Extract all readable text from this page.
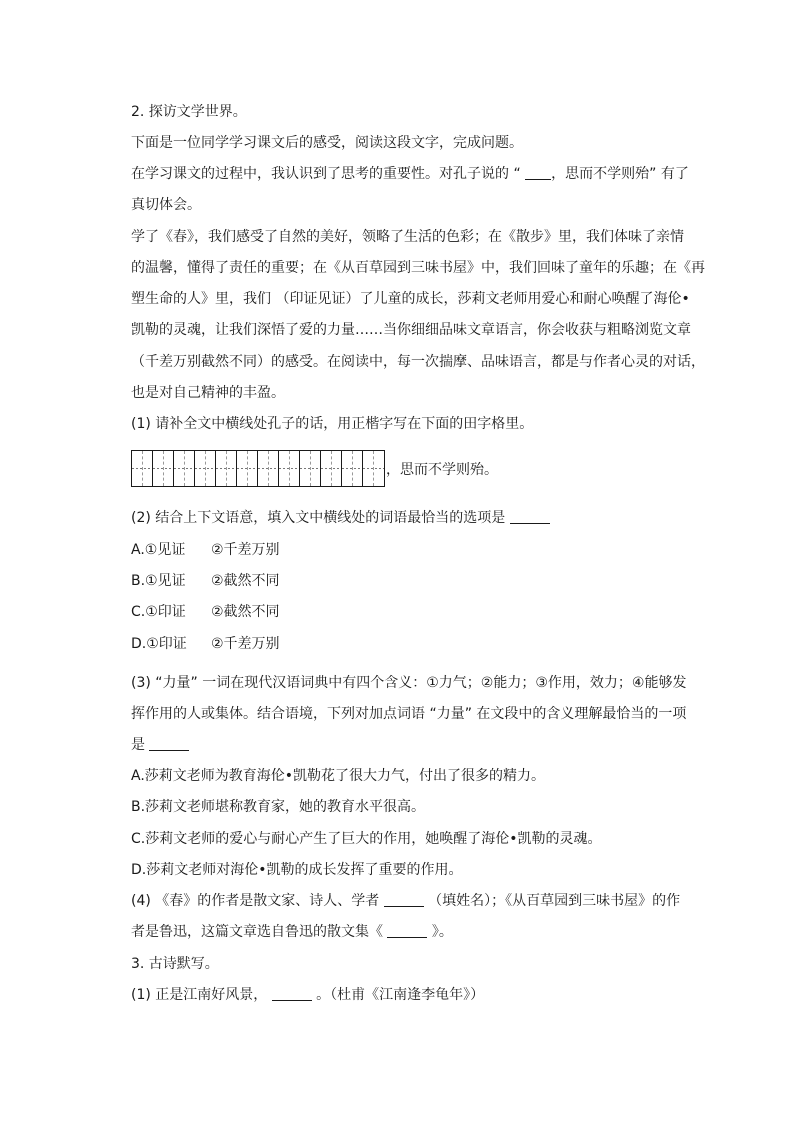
2. 探访文学世界。
下面是一位同学学习课文后的感受，阅读这段文字，完成问题。
在学习课文的过程中，我认识到了思考的重要性。对孔子说的 “ ，思而不学则殆” 有了
真切体会。
学了《春》，我们感受了自然的美好，领略了生活的色彩；在《散步》里，我们体味了亲情
的温馨，懂得了责任的重要；在《从百草园到三味书屋》中，我们回味了童年的乐趣；在《再
塑生命的人》里，我们 （印证见证）了儿童的成长，莎莉文老师用爱心和耐心唤醒了海伦•
凯勒的灵魂，让我们深悟了爱的力量……当你细细品味文章语言，你会收获与粗略浏览文章
（千差万别截然不同）的感受。在阅读中，每一次揣摩、品味语言，都是与作者心灵的对话，
也是对自己精神的丰盈。
(1) 请补全文中横线处孔子的话，用正楷字写在下面的田字格里。
，思而不学则殆。
(2) 结合上下文语意，填入文中横线处的词语最恰当的选项是
A.①见证 ②千差万别
B.①见证 ②截然不同
C.①印证 ②截然不同
D.①印证 ②千差万别
(3) “力量” 一词在现代汉语词典中有四个含义：①力气；②能力；③作用，效力；④能够发
挥作用的人或集体。结合语境，下列对加点词语 “力量” 在文段中的含义理解最恰当的一项
是
A.莎莉文老师为教育海伦•凯勒花了很大力气，付出了很多的精力。
B.莎莉文老师堪称教育家，她的教育水平很高。
C.莎莉文老师的爱心与耐心产生了巨大的作用，她唤醒了海伦•凯勒的灵魂。
D.莎莉文老师对海伦•凯勒的成长发挥了重要的作用。
(4) 《春》的作者是散文家、诗人、学者	（填姓名）；《从百草园到三味书屋》的作
者是鲁迅，这篇文章选自鲁迅的散文集《	》。
3. 古诗默写。
(1) 正是江南好风景，	。（杜甫《江南逢李龟年》）
